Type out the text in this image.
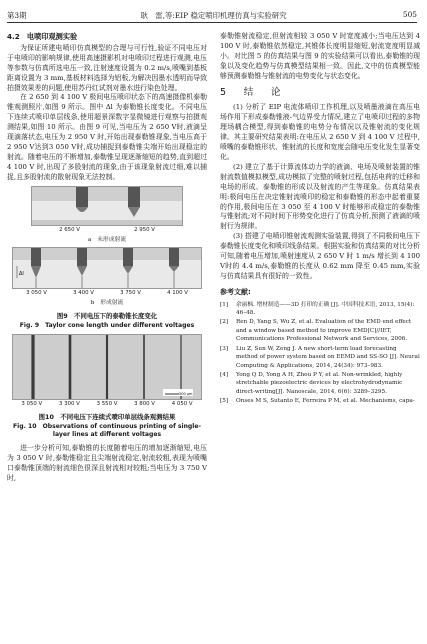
第3期	耿　雷,等:EIP 稳定喷印机理仿真与实验研究	505
4.2　电喷印观测实验

为保证所建电喷印仿真模型的合理与可行性,验证不同电压对于电喷印的影响规律,使用高速摄影机对电喷印过程进行观测,电压等参数与仿真所选电压一致,注射速度设置为 0.2 m/s,喷嘴到基板距离设置为 3 mm,基板材料选择为铝板,为解决因墨水透明而导致拍摄效果差的问题,使用苏丹红试剂对墨水进行染色处理。

在 2 650 到 4 100 V 极间电压喷印状态下的高速摄像机泰勒锥观测照片,如图 9 所示。图中 Δl 为泰勒锥长度变化。不同电压下连续式喷印单层线条,使用超景深数字显微镜进行观察与拍摄观测结果,如图 10 所示。由图 9 可见,当电压为 2 650 V时,液滴呈现滴落状态,电压为 2 950 V 时,开始出现泰勒锥现象,当电压高于2 950 V达到3 050 V时,成功捕捉到泰勒锥尖端开始出现稳定的射流。随着电压的不断增加,泰勒锥呈现逐渐缩短的趋势,直到超过 4 100 V 时,出现了多股射流的现象,由于该现象射流过细,难以捕捉,且多股射流的散射现象无法控制。

2 650 V	2 950 V
a　未形成射流
Δl
3 050 V	3 400 V	3 750 V	4 100 V
b　形成射流
图9　不同电压下的泰勒锥长度变化
Fig. 9　Taylor cone length under different voltages
500 μm
3 050 V	3 300 V	3 550 V	3 800 V	4 050 V
图10　不同电压下连续式喷印单层线条观测结果
Fig. 10　Observations of continuous printing of single-layer lines at different voltages

进一步分析可知,泰勒锥的长度随着电压的增加逐渐缩短,电压为 3 050 V 时,泰勒锥稳定且尖端射流稳定,射流较粗,表现为喷嘴口泰勒锥顶端的射流细色很深且射流相对较粗;当电压为 3 750 V 时,

泰勒锥射流稳定,但射流相较 3 050 V 时宽度减小;当电压达到 4 100 V 时,泰勒锥依然稳定,其锥体长度明显缩短,射流宽度明显减小。对比图 5 的仿真结果与图 9 的实验结果可以看出,泰勒锥的现象以及变化趋势与仿真模型结果相一致。因此,文中的仿真模型能够预测泰勒锥与锥射流的电势变化与状态变化。

5　结　论

(1) 分析了 EIP 电流体喷印工作机理,以及喷墨液滴在高压电场作用下形成泰勒锥液-气边界受力情况,建立了电喷印过程的多物理场耦合模型,得到泰勒锥的电势分布情况以及锥射流的变化规律。其主要研究结果表明:在电压从 2 650 V 到 4 100 V 过程中,喷嘴的泰勒锥形状、锥射流的长度和宽度会随电压变化发生显著变化。

(2) 建立了基于计算流体动力学的液滴、电场及喷射装置的锥射流数值模拟模型,成功模拟了完整的喷射过程,包括电荷的迁移和电场的形成、泰勒锥的形成以及射流的产生等现象。仿真结果表明:极间电压在决定锥射流喷印的稳定和泰勒锥的形态中起着重要的作用,极间电压在 3 050 至 4 100 V 时能够形成稳定的泰勒锥与锥射流;对不同时间下形势变化进行了仿真分析,预测了液滴的喷射行为规律。

(3) 搭建了电喷印锥射流观测实验装置,得到了不同极间电压下泰勒锥长度变化和喷印线条结果。根据实验和仿真结果的对比分析可知,随着电压增加,喷射速度从 2 650 V 时 1 m/s 增长到 4 100 V时的 4.4 m/s,泰勒锥的长度从 0.62 mm 降至 0.45 mm,实验与仿真结果具有很好的一致性。

参考文献:
[1]	余丽枫. 增材制造——3D 打印的正确 [J]. 中国科技术语, 2013, 15(4): 46–48.
[2]	Ren D, Yang S, Wu Z, et al. Evaluation of the EMD end effect and a window based method to improve EMD[C]//IET, Communications Professional Network and Services, 2006.
[3]	Liu Z, Sun W, Zeng J. A new short-term load forecasting method of power system based on EEMD and SS-SO [J]. Neural Computing & Applications, 2014, 24(34): 973–983.
[4]	Yong Q D, Yong A H, Zhou P Y, et al. Non-wrinkled, highly stretchable piezoelectric devices by electrohydrodynamic direct-writing[J]. Nanoscale, 2014, 6(6): 3289–3295.
[5]	Onses M S, Sutanto E, Ferreira P M, et al. Mechanisms, capa-
